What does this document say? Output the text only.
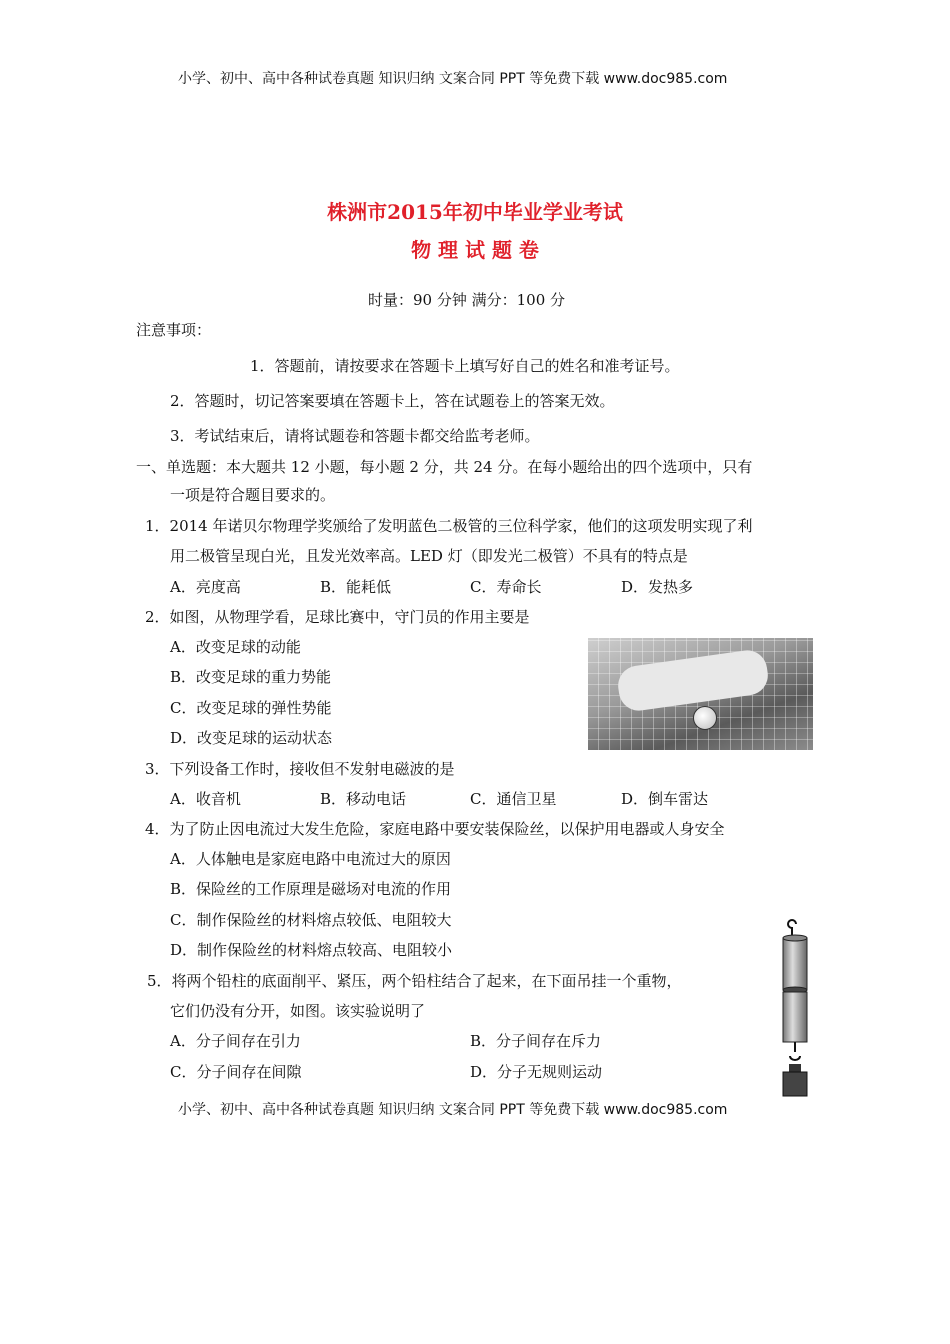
小学、初中、高中各种试卷真题 知识归纳 文案合同 PPT 等免费下载 www.doc985.com
株洲市2015年初中毕业学业考试
物 理 试 题 卷
时量：90 分钟 满分：100 分
注意事项：
1．答题前，请按要求在答题卡上填写好自己的姓名和准考证号。
2．答题时，切记答案要填在答题卡上，答在试题卷上的答案无效。
3．考试结束后，请将试题卷和答题卡都交给监考老师。
一、单选题：本大题共 12 小题，每小题 2 分，共 24 分。在每小题给出的四个选项中，只有
一项是符合题目要求的。
1．2014 年诺贝尔物理学奖颁给了发明蓝色二极管的三位科学家，他们的这项发明实现了利
用二极管呈现白光，且发光效率高。LED 灯（即发光二极管）不具有的特点是
A．亮度高	B．能耗低	C．寿命长	D．发热多
2．如图，从物理学看，足球比赛中，守门员的作用主要是
A．改变足球的动能
B．改变足球的重力势能
C．改变足球的弹性势能
D．改变足球的运动状态
3．下列设备工作时，接收但不发射电磁波的是
A．收音机	B．移动电话	C．通信卫星	D．倒车雷达
4．为了防止因电流过大发生危险，家庭电路中要安装保险丝，以保护用电器或人身安全
A．人体触电是家庭电路中电流过大的原因
B．保险丝的工作原理是磁场对电流的作用
C．制作保险丝的材料熔点较低、电阻较大
D．制作保险丝的材料熔点较高、电阻较小
5．将两个铅柱的底面削平、紧压，两个铅柱结合了起来，在下面吊挂一个重物，
它们仍没有分开，如图。该实验说明了
A．分子间存在引力	B．分子间存在斥力
C．分子间存在间隙	D．分子无规则运动
小学、初中、高中各种试卷真题 知识归纳 文案合同 PPT 等免费下载 www.doc985.com
